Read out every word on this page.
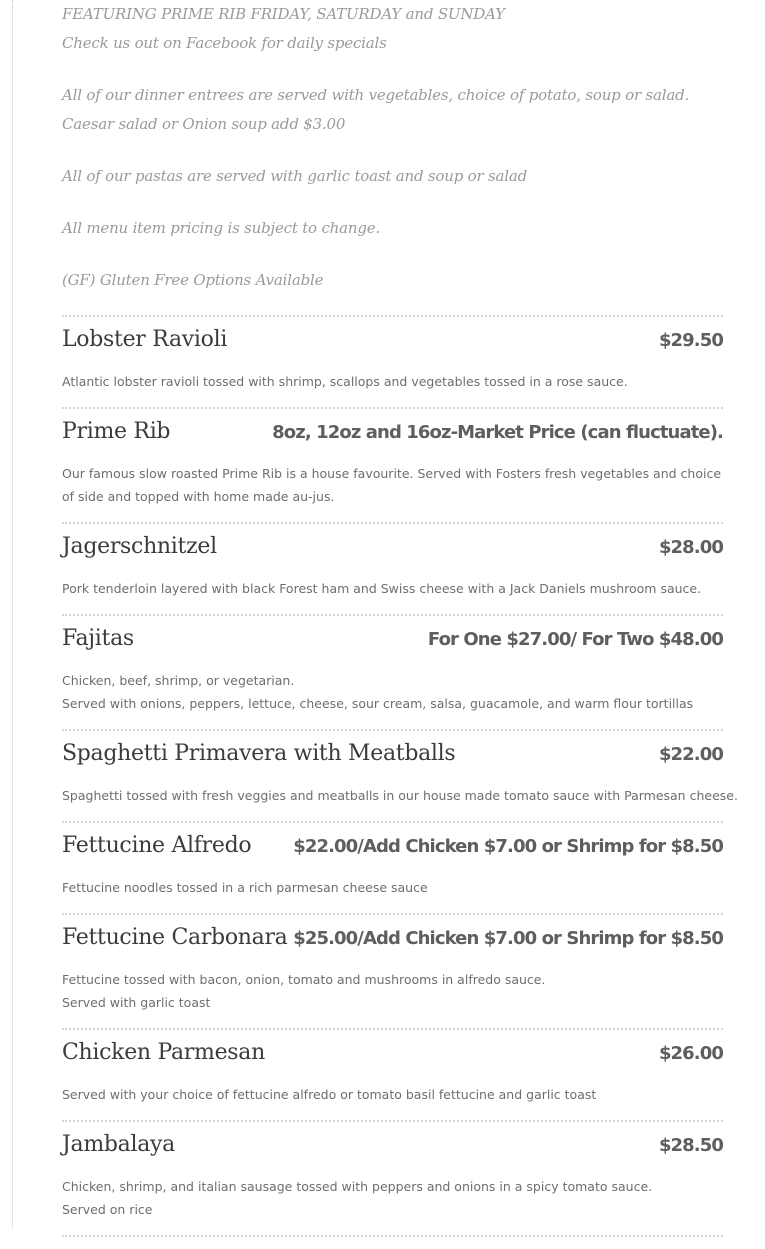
FEATURING PRIME RIB FRIDAY, SATURDAY and SUNDAY

Check us out on Facebook for daily specials

All of our dinner entrees are served with vegetables, choice of potato, soup or salad. Caesar salad or Onion soup add $3.00

All of our pastas are served with garlic toast and soup or salad

All menu item pricing is subject to change.

(GF) Gluten Free Options Available

Lobster Ravioli	$29.50
Atlantic lobster ravioli tossed with shrimp, scallops and vegetables tossed in a rose sauce.
Prime Rib	8oz, 12oz and 16oz-Market Price (can fluctuate).
Our famous slow roasted Prime Rib is a house favourite. Served with Fosters fresh vegetables and choice of side and topped with home made au-jus.
Jagerschnitzel	$28.00
Pork tenderloin layered with black Forest ham and Swiss cheese with a Jack Daniels mushroom sauce.
Fajitas	For One $27.00/ For Two $48.00
Chicken, beef, shrimp, or vegetarian.
Served with onions, peppers, lettuce, cheese, sour cream, salsa, guacamole, and warm flour tortillas
Spaghetti Primavera with Meatballs	$22.00
Spaghetti tossed with fresh veggies and meatballs in our house made tomato sauce with Parmesan cheese.
Fettucine Alfredo $22.00/Add Chicken $7.00 or Shrimp for $8.50
Fettucine noodles tossed in a rich parmesan cheese sauce
Fettucine Carbonara $25.00/Add Chicken $7.00 or Shrimp for $8.50
Fettucine tossed with bacon, onion, tomato and mushrooms in alfredo sauce.
Served with garlic toast
Chicken Parmesan	$26.00
Served with your choice of fettucine alfredo or tomato basil fettucine and garlic toast
Jambalaya	$28.50
Chicken, shrimp, and italian sausage tossed with peppers and onions in a spicy tomato sauce.
Served on rice
